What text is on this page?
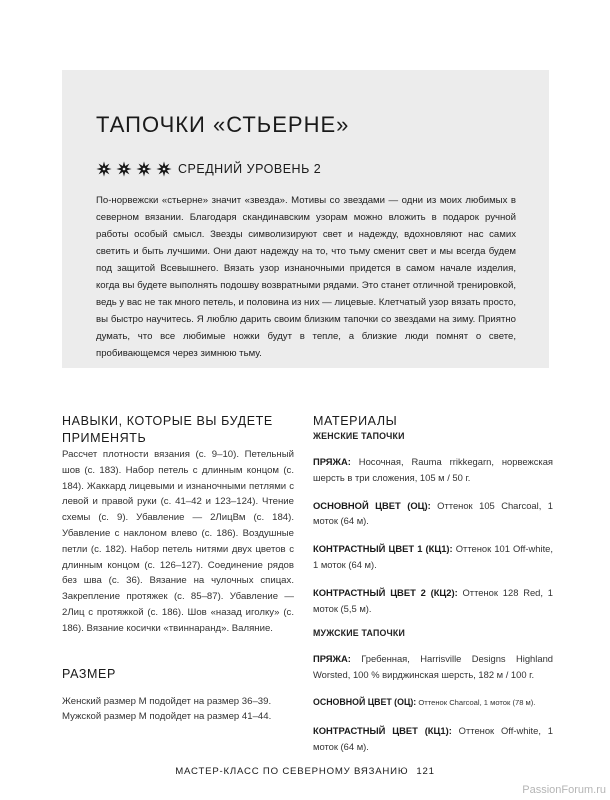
ТАПОЧКИ «СТЬЕРНЕ»
СРЕДНИЙ УРОВЕНЬ 2
По-норвежски «стьерне» значит «звезда». Мотивы со звездами — одни из моих любимых в северном вязании. Благодаря скандинавским узорам можно вложить в подарок ручной работы особый смысл. Звезды символизируют свет и надежду, вдохновляют нас самих светить и быть лучшими. Они дают надежду на то, что тьму сменит свет и мы всегда будем под защитой Всевышнего. Вязать узор изнаночными придется в самом начале изделия, когда вы будете выполнять подошву возвратными рядами. Это станет отличной тренировкой, ведь у вас не так много петель, и половина из них — лицевые. Клетчатый узор вязать просто, вы быстро научитесь. Я люблю дарить своим близким тапочки со звездами на зиму. Приятно думать, что все любимые ножки будут в тепле, а близкие люди помнят о свете, пробивающемся через зимнюю тьму.
НАВЫКИ, КОТОРЫЕ ВЫ БУДЕТЕ ПРИМЕНЯТЬ
Рассчет плотности вязания (с. 9–10). Петельный шов (с. 183). Набор петель с длинным концом (с. 184). Жаккард лицевыми и изнаночными петлями с левой и правой руки (с. 41–42 и 123–124). Чтение схемы (с. 9). Убавление — 2ЛицВм (с. 184). Убавление с наклоном влево (с. 186). Воздушные петли (с. 182). Набор петель нитями двух цветов с длинным концом (с. 126–127). Соединение рядов без шва (с. 36). Вязание на чулочных спицах. Закрепление протяжек (с. 85–87). Убавление — 2Лиц с протяжкой (с. 186). Шов «назад иголку» (с. 186). Вязание косички «твиннаранд». Валяние.
РАЗМЕР
Женский размер M подойдет на размер 36–39.
Мужской размер M подойдет на размер 41–44.
МАТЕРИАЛЫ
ЖЕНСКИЕ ТАПОЧКИ
ПРЯЖА: Носочная, Rauma rrikkegarn, норвежская шерсть в три сложения, 105 м / 50 г.
ОСНОВНОЙ ЦВЕТ (ОЦ): Оттенок 105 Charcoal, 1 моток (64 м).
КОНТРАСТНЫЙ ЦВЕТ 1 (КЦ1): Оттенок 101 Off-white, 1 моток (64 м).
КОНТРАСТНЫЙ ЦВЕТ 2 (КЦ2): Оттенок 128 Red, 1 моток (5,5 м).
МУЖСКИЕ ТАПОЧКИ
ПРЯЖА: Гребенная, Harrisville Designs Highland Worsted, 100 % вирджинская шерсть, 182 м / 100 г.
ОСНОВНОЙ ЦВЕТ (ОЦ): Оттенок Charcoal, 1 моток (78 м).
КОНТРАСТНЫЙ ЦВЕТ (КЦ1): Оттенок Off-white, 1 моток (64 м).
МАСТЕР-КЛАСС ПО СЕВЕРНОМУ ВЯЗАНИЮ 121
PassionForum.ru
